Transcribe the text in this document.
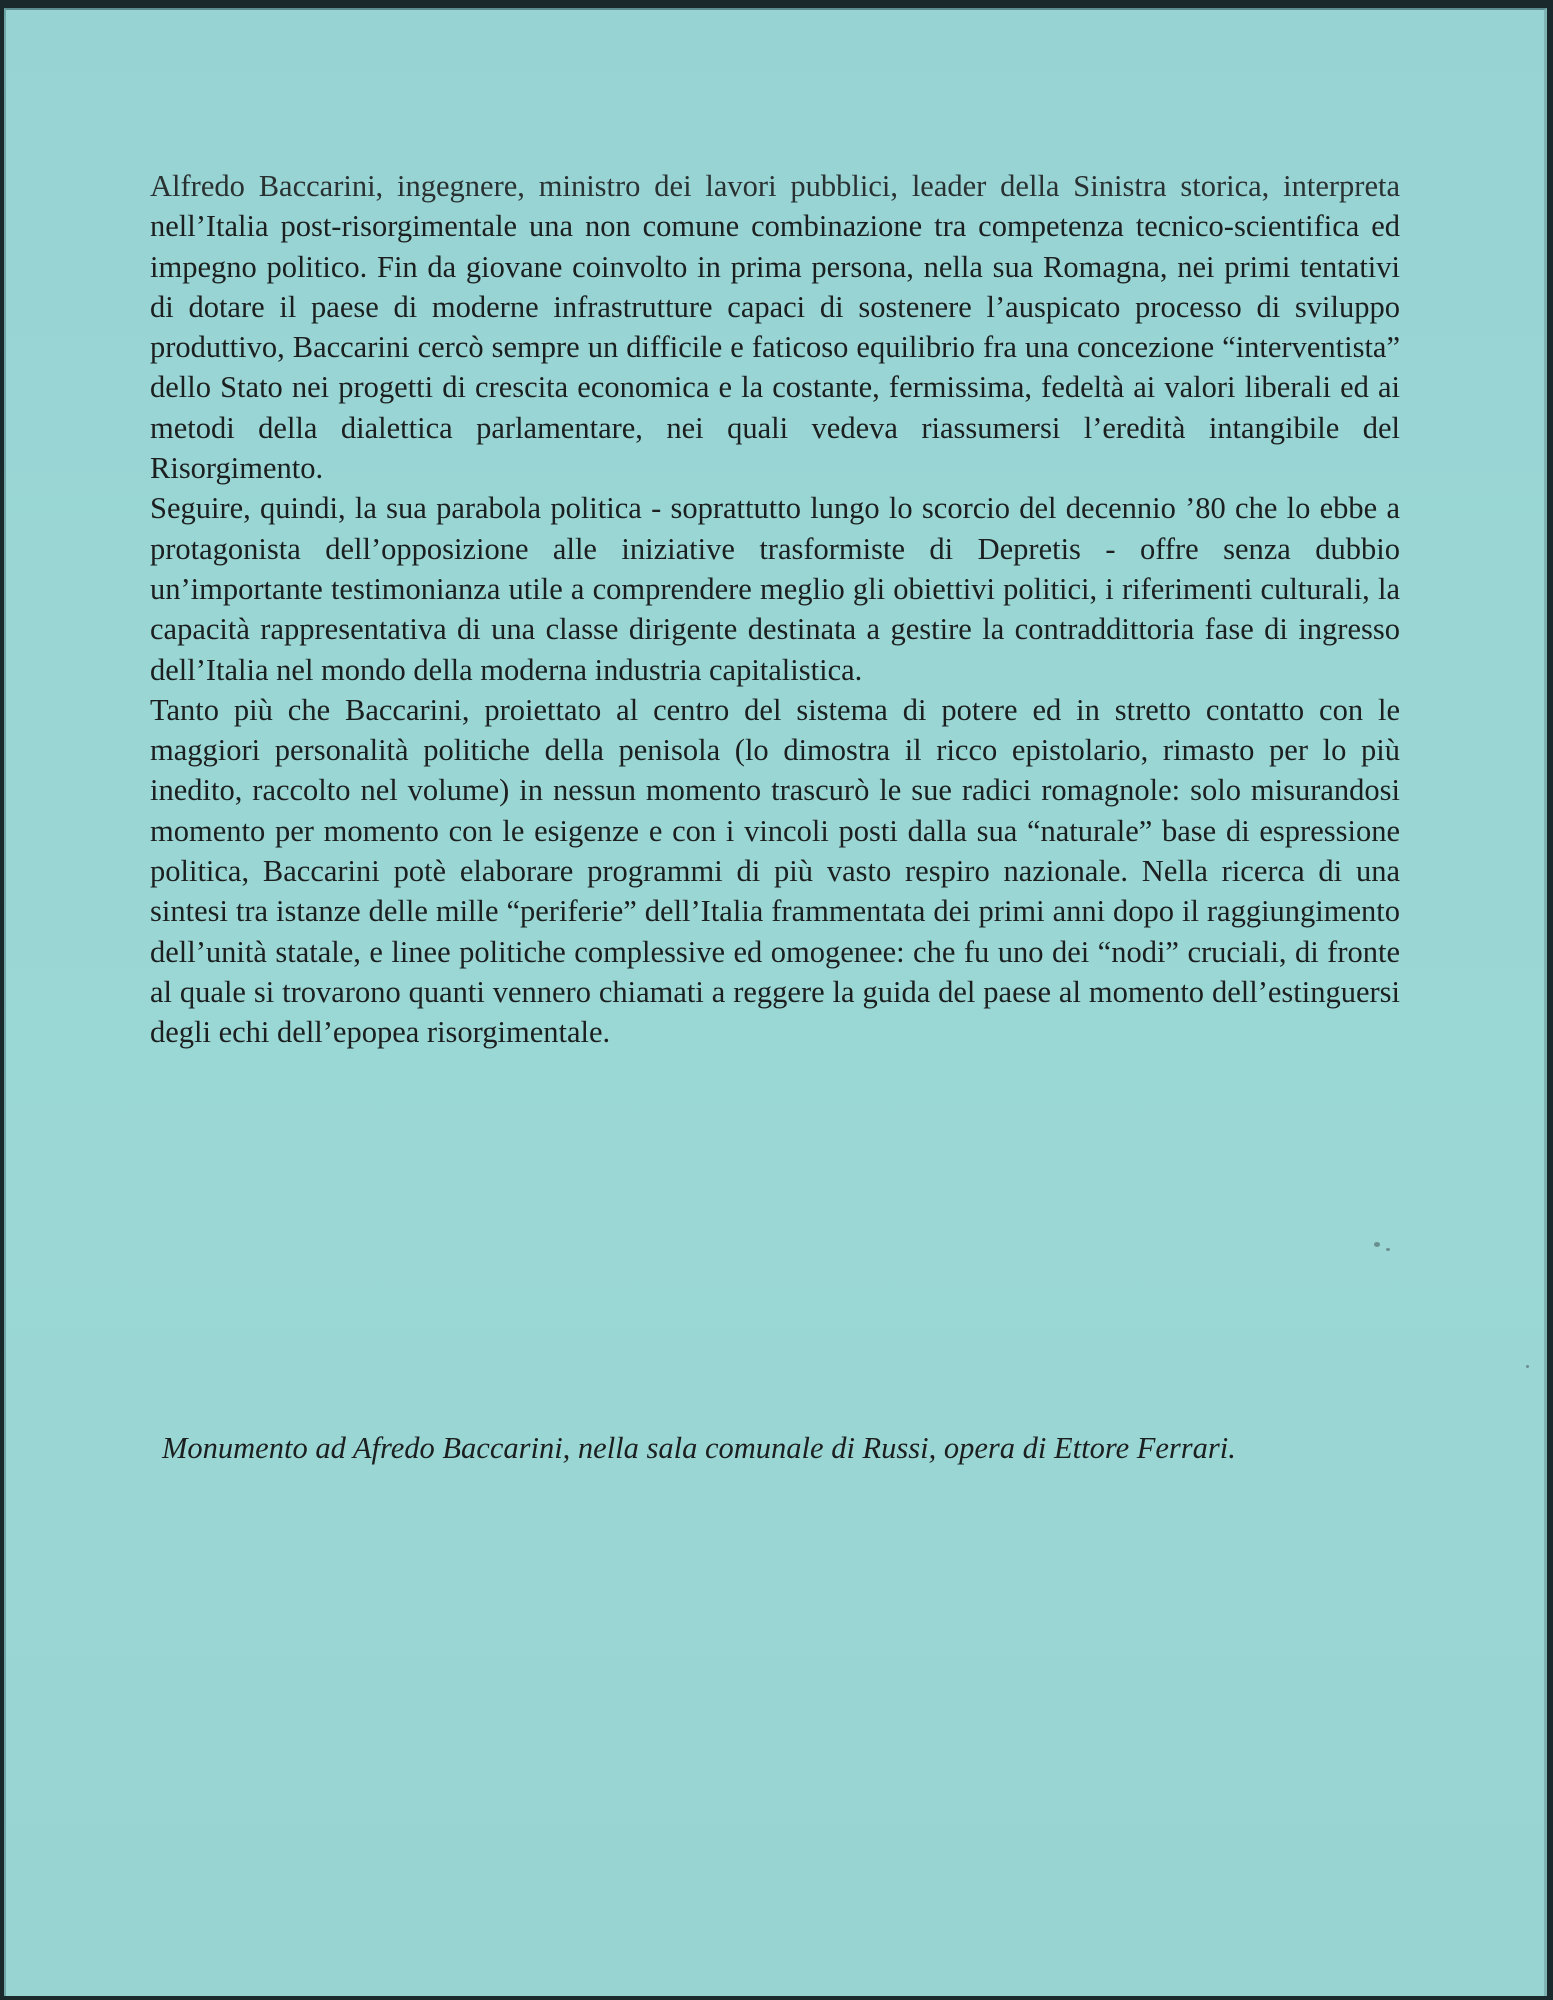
Alfredo Baccarini, ingegnere, ministro dei lavori pubblici, leader della Sinistra storica, interpreta nell’Italia post-risorgimentale una non comune combinazione tra competenza tecnico-scientifica ed impegno politico. Fin da giovane coinvolto in prima persona, nella sua Romagna, nei primi tentativi di dotare il paese di moderne infrastrutture capaci di sostenere l’auspicato processo di sviluppo produttivo, Baccarini cercò sempre un difficile e faticoso equilibrio fra una concezione “interventista” dello Stato nei progetti di crescita economica e la costante, fermissima, fedeltà ai valori liberali ed ai metodi della dialettica parlamentare, nei quali vedeva riassumersi l’eredità intangibile del Risorgimento.

Seguire, quindi, la sua parabola politica - soprattutto lungo lo scorcio del decennio ’80 che lo ebbe a protagonista dell’opposizione alle iniziative trasformiste di Depretis - offre senza dubbio un’importante testimonianza utile a comprendere meglio gli obiettivi politici, i riferimenti culturali, la capacità rappresentativa di una classe dirigente destinata a gestire la contraddittoria fase di ingresso dell’Italia nel mondo della moderna industria capitalistica.

Tanto più che Baccarini, proiettato al centro del sistema di potere ed in stretto contatto con le maggiori personalità politiche della penisola (lo dimostra il ricco epistolario, rimasto per lo più inedito, raccolto nel volume) in nessun momento trascurò le sue radici romagnole: solo misurandosi momento per momento con le esigenze e con i vincoli posti dalla sua “naturale” base di espressione politica, Baccarini potè elaborare programmi di più vasto respiro nazionale. Nella ricerca di una sintesi tra istanze delle mille “periferie” dell’Italia frammentata dei primi anni dopo il raggiungimento dell’unità statale, e linee politiche complessive ed omogenee: che fu uno dei “nodi” cruciali, di fronte al quale si trovarono quanti vennero chiamati a reggere la guida del paese al momento dell’estinguersi degli echi dell’epopea risorgimentale.

Monumento ad Afredo Baccarini, nella sala comunale di Russi, opera di Ettore Ferrari.
